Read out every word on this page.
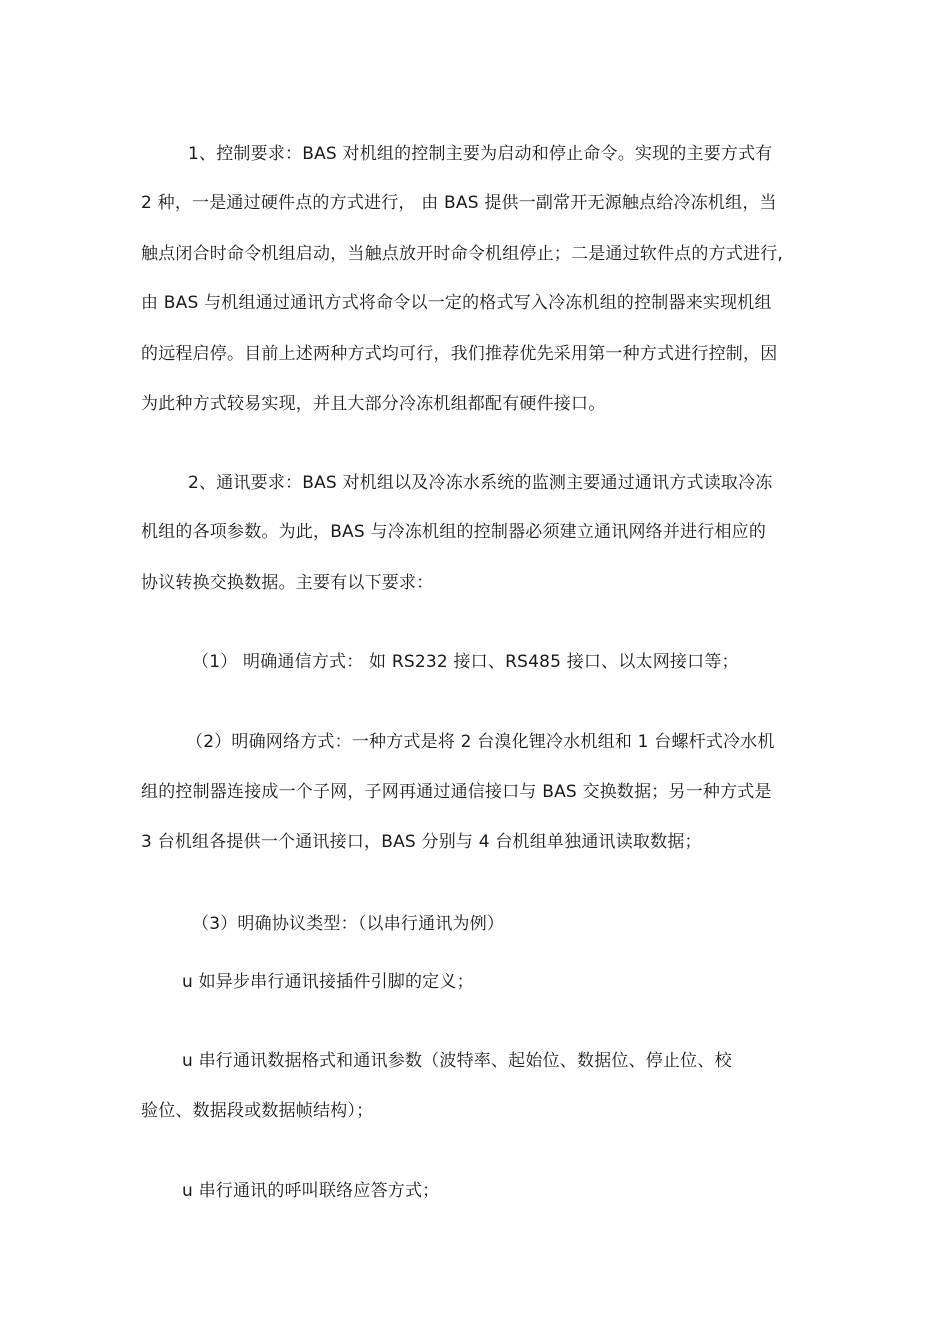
1、控制要求：BAS 对机组的控制主要为启动和停止命令。实现的主要方式有
2 种，一是通过硬件点的方式进行， 由 BAS 提供一副常开无源触点给冷冻机组，当
触点闭合时命令机组启动，当触点放开时命令机组停止；二是通过软件点的方式进行,
由 BAS 与机组通过通讯方式将命令以一定的格式写入冷冻机组的控制器来实现机组
的远程启停。目前上述两种方式均可行，我们推荐优先采用第一种方式进行控制，因
为此种方式较易实现，并且大部分冷冻机组都配有硬件接口。
2、通讯要求：BAS 对机组以及冷冻水系统的监测主要通过通讯方式读取冷冻
机组的各项参数。为此，BAS 与冷冻机组的控制器必须建立通讯网络并进行相应的
协议转换交换数据。主要有以下要求：
（1） 明确通信方式： 如 RS232 接口、RS485 接口、以太网接口等；
（2）明确网络方式：一种方式是将 2 台溴化锂冷水机组和 1 台螺杆式冷水机
组的控制器连接成一个子网，子网再通过通信接口与 BAS 交换数据；另一种方式是
3 台机组各提供一个通讯接口，BAS 分别与 4 台机组单独通讯读取数据；
（3）明确协议类型：（以串行通讯为例）
u 如异步串行通讯接插件引脚的定义；
u 串行通讯数据格式和通讯参数（波特率、起始位、数据位、停止位、校
验位、数据段或数据帧结构）；
u 串行通讯的呼叫联络应答方式；
